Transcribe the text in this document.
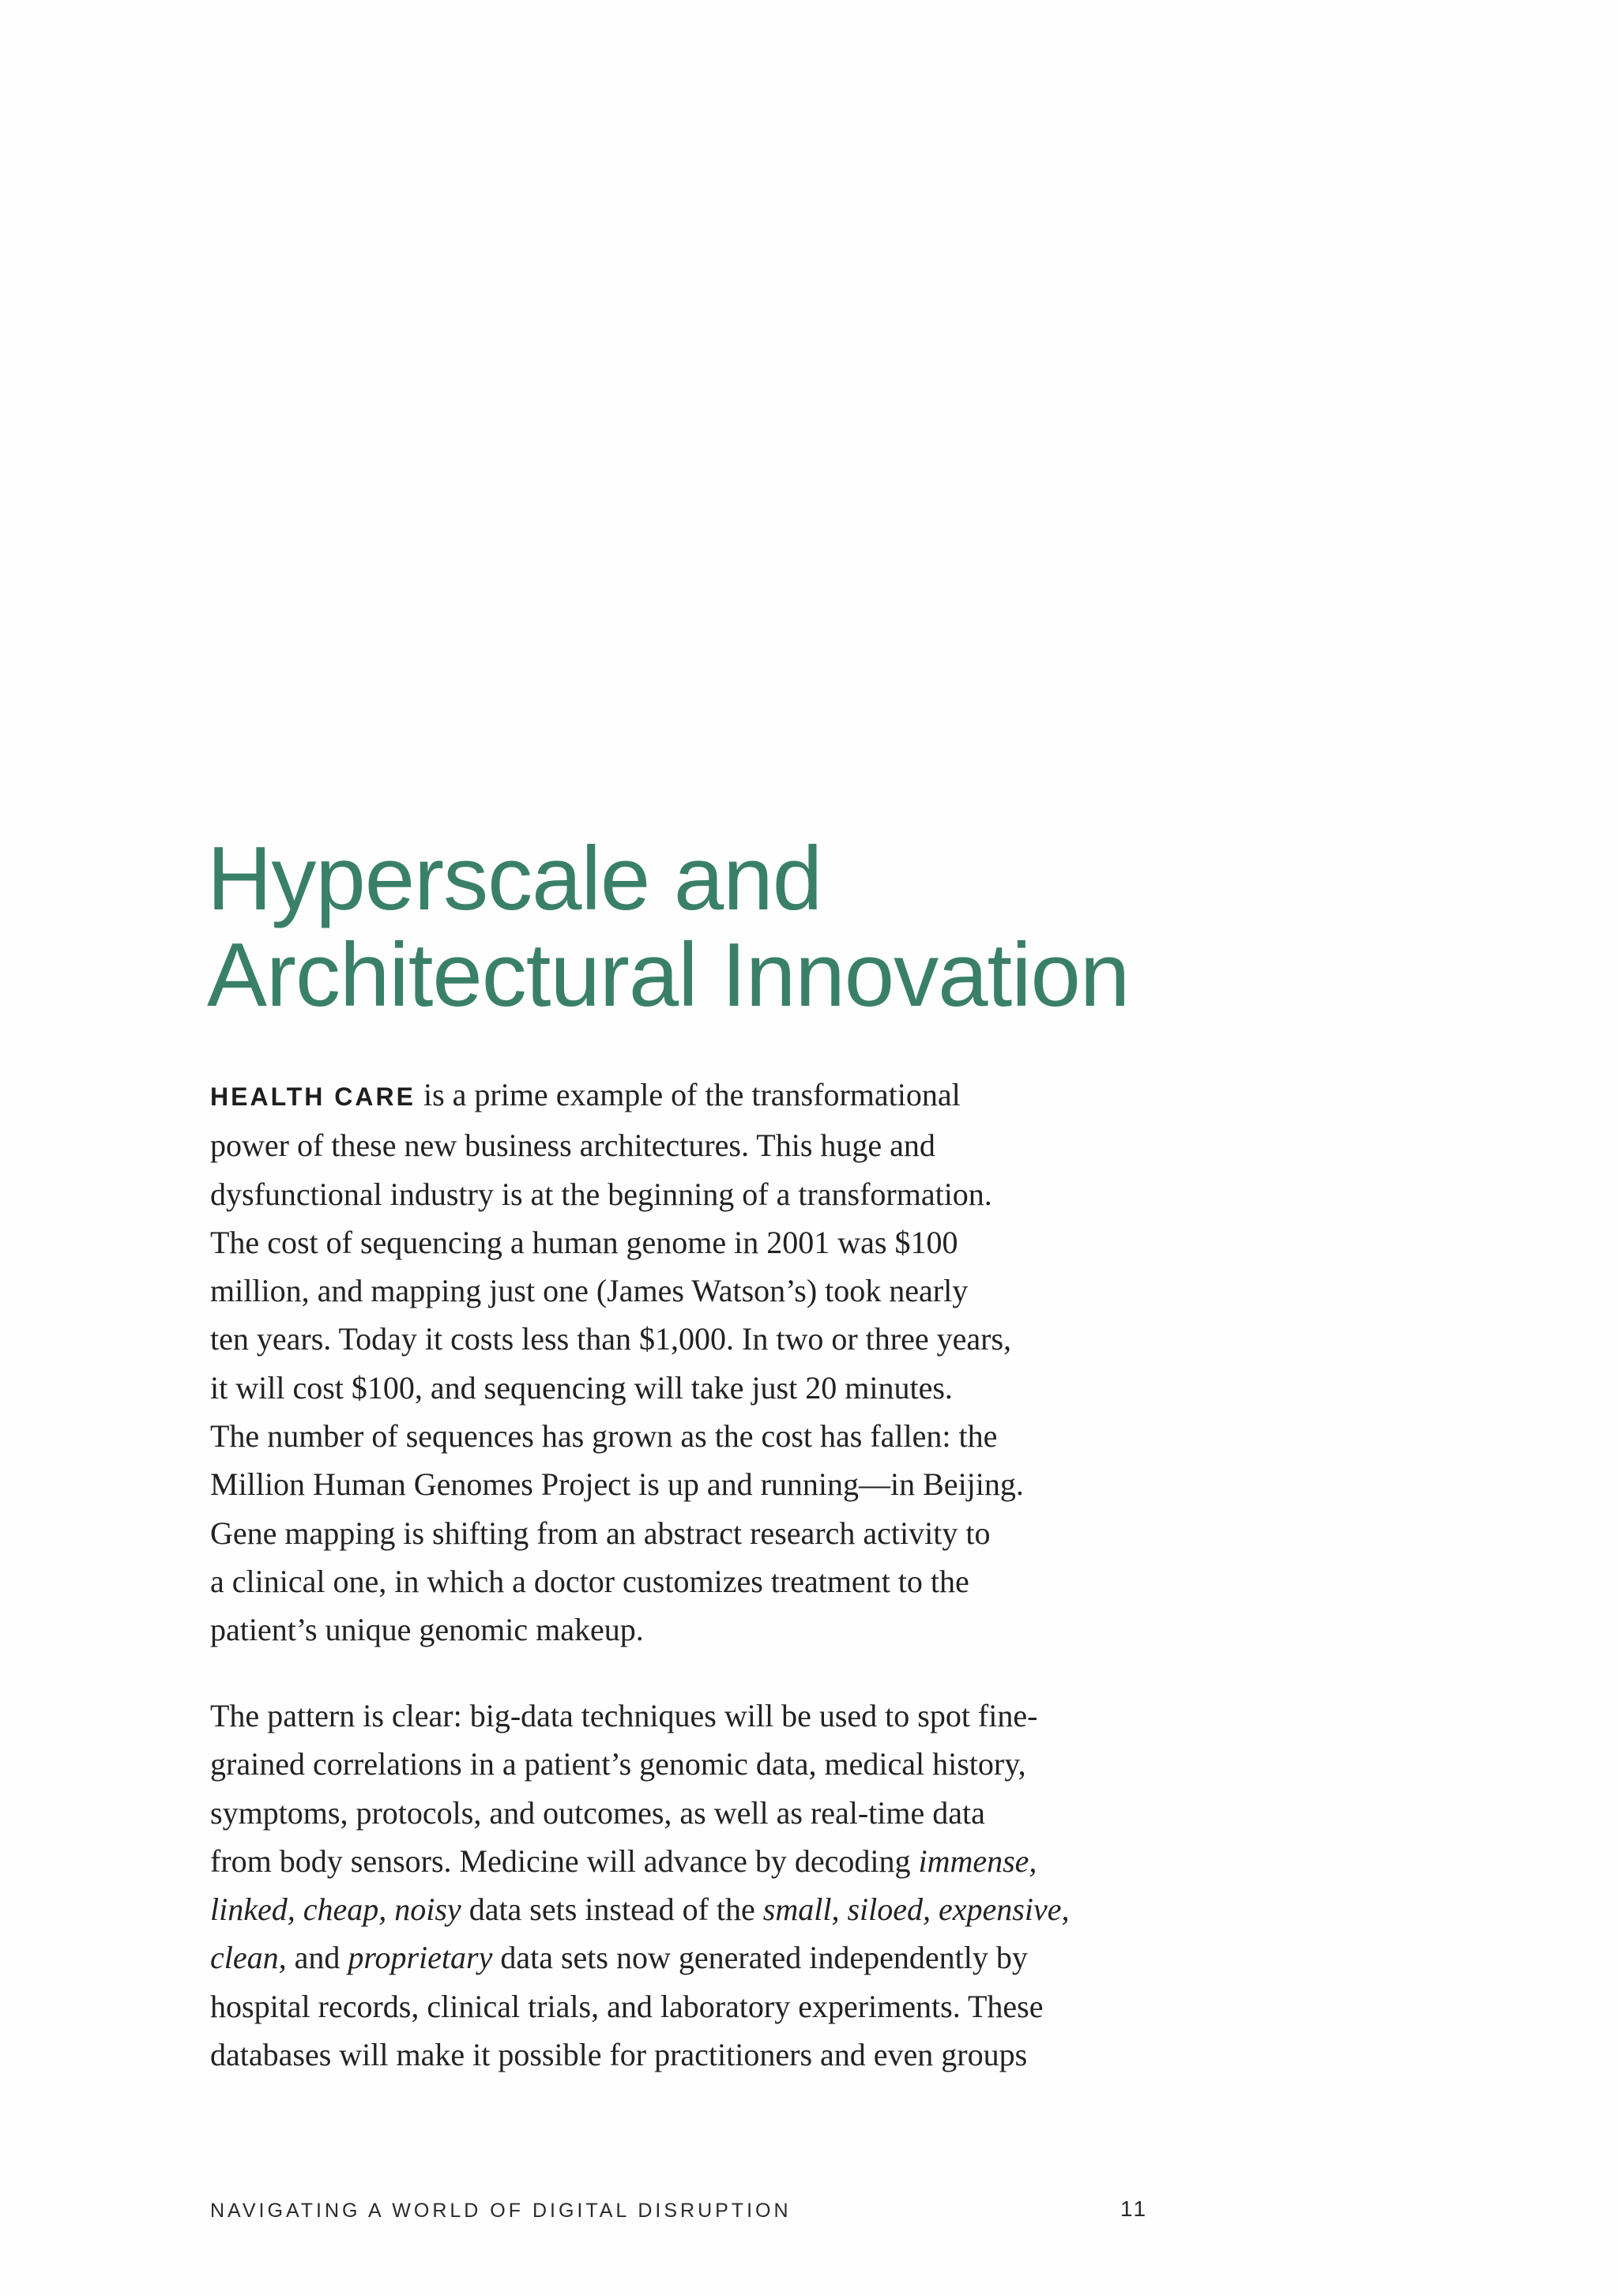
Hyperscale and
Architectural Innovation

HEALTH CARE is a prime example of the transformational
power of these new business architectures. This huge and
dysfunctional industry is at the beginning of a transformation.
The cost of sequencing a human genome in 2001 was $100
million, and mapping just one (James Watson’s) took nearly
ten years. Today it costs less than $1,000. In two or three years,
it will cost $100, and sequencing will take just 20 minutes.
The number of sequences has grown as the cost has fallen: the
Million Human Genomes Project is up and running—in Beijing.
Gene mapping is shifting from an abstract research activity to
a clinical one, in which a doctor customizes treatment to the
patient’s unique genomic makeup.

The pattern is clear: big-data techniques will be used to spot fine-
grained correlations in a patient’s genomic data, medical history,
symptoms, protocols, and outcomes, as well as real-time data
from body sensors. Medicine will advance by decoding immense,
linked, cheap, noisy data sets instead of the small, siloed, expensive,
clean, and proprietary data sets now generated independently by
hospital records, clinical trials, and laboratory experiments. These
databases will make it possible for practitioners and even groups

NAVIGATING A WORLD OF DIGITAL DISRUPTION	11
